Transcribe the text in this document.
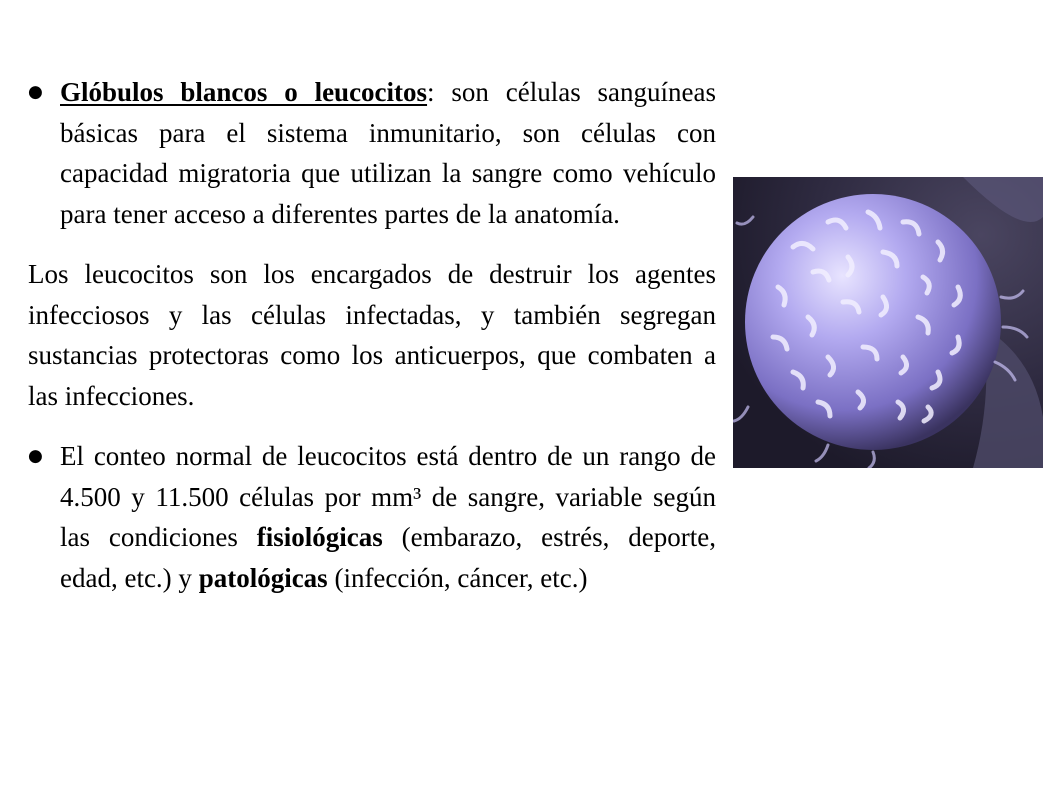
● Glóbulos blancos o leucocitos: son células sanguíneas básicas para el sistema inmunitario, son células con capacidad migratoria que utilizan la sangre como vehículo para tener acceso a diferentes partes de la anatomía.

Los leucocitos son los encargados de destruir los agentes infecciosos y las células infectadas, y también segregan sustancias protectoras como los anticuerpos, que combaten a las infecciones.

● El conteo normal de leucocitos está dentro de un rango de 4.500 y 11.500 células por mm³ de sangre, variable según las condiciones fisiológicas (embarazo, estrés, deporte, edad, etc.) y patológicas (infección, cáncer, etc.)
